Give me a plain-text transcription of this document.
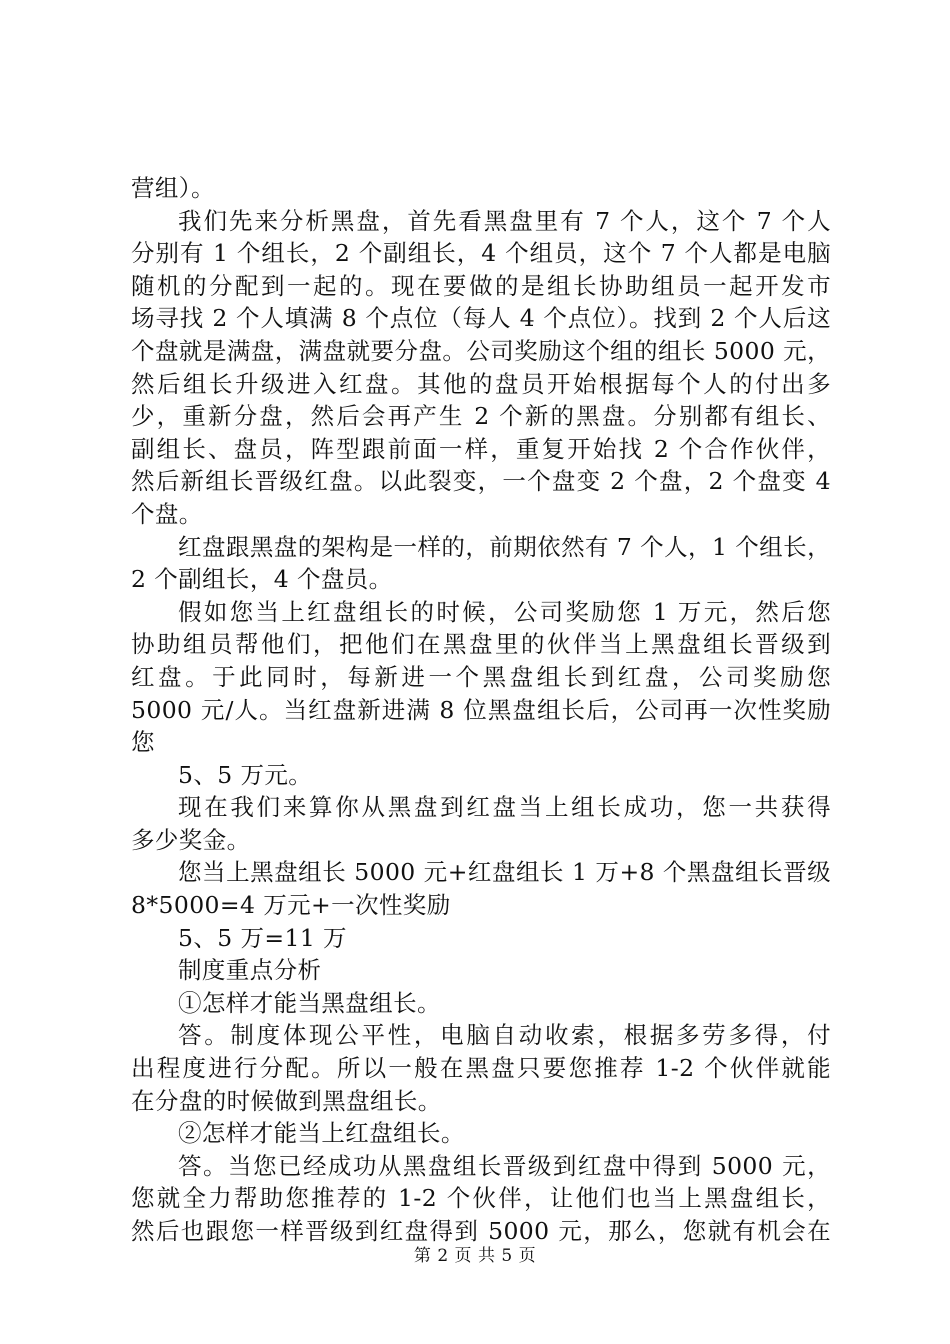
营组）。
我们先来分析黑盘，首先看黑盘里有 7 个人，这个 7 个人
分别有 1 个组长，2 个副组长，4 个组员，这个 7 个人都是电脑
随机的分配到一起的。现在要做的是组长协助组员一起开发市
场寻找 2 个人填满 8 个点位（每人 4 个点位）。找到 2 个人后这
个盘就是满盘，满盘就要分盘。公司奖励这个组的组长 5000 元，
然后组长升级进入红盘。其他的盘员开始根据每个人的付出多
少，重新分盘，然后会再产生 2 个新的黑盘。分别都有组长、
副组长、盘员，阵型跟前面一样，重复开始找 2 个合作伙伴，
然后新组长晋级红盘。以此裂变，一个盘变 2 个盘，2 个盘变 4
个盘。
红盘跟黑盘的架构是一样的，前期依然有 7 个人，1 个组长，
2 个副组长，4 个盘员。
假如您当上红盘组长的时候，公司奖励您 1 万元，然后您
协助组员帮他们，把他们在黑盘里的伙伴当上黑盘组长晋级到
红盘。于此同时，每新进一个黑盘组长到红盘，公司奖励您
5000 元/人。当红盘新进满 8 位黑盘组长后，公司再一次性奖励
您
5、5 万元。
现在我们来算你从黑盘到红盘当上组长成功，您一共获得
多少奖金。
您当上黑盘组长 5000 元+红盘组长 1 万+8 个黑盘组长晋级
8*5000=4 万元+一次性奖励
5、5 万=11 万
制度重点分析
①怎样才能当黑盘组长。
答。制度体现公平性，电脑自动收索，根据多劳多得，付
出程度进行分配。所以一般在黑盘只要您推荐 1-2 个伙伴就能
在分盘的时候做到黑盘组长。
②怎样才能当上红盘组长。
答。当您已经成功从黑盘组长晋级到红盘中得到 5000 元，
您就全力帮助您推荐的 1-2 个伙伴，让他们也当上黑盘组长，
然后也跟您一样晋级到红盘得到 5000 元，那么，您就有机会在
第 2 页 共 5 页
